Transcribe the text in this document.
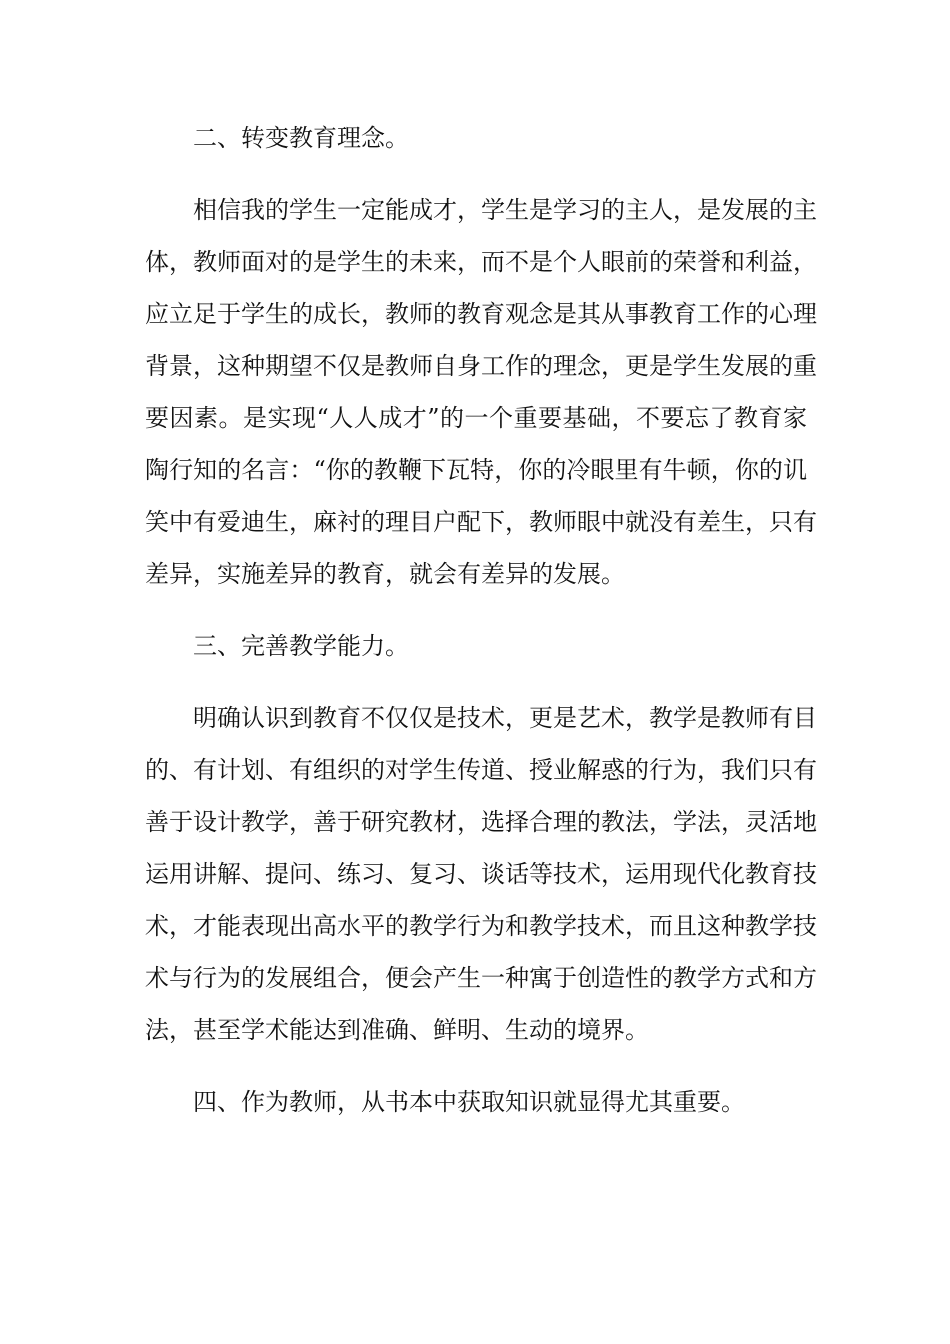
二、转变教育理念。

相信我的学生一定能成才，学生是学习的主人，是发展的主
体，教师面对的是学生的未来，而不是个人眼前的荣誉和利益，
应立足于学生的成长，教师的教育观念是其从事教育工作的心理
背景，这种期望不仅是教师自身工作的理念，更是学生发展的重
要因素。是实现“人人成才”的一个重要基础，不要忘了教育家
陶行知的名言：“你的教鞭下瓦特，你的冷眼里有牛顿，你的讥
笑中有爱迪生，麻衬的理目户配下，教师眼中就没有差生，只有
差异，实施差异的教育，就会有差异的发展。

三、完善教学能力。

明确认识到教育不仅仅是技术，更是艺术，教学是教师有目
的、有计划、有组织的对学生传道、授业解惑的行为，我们只有
善于设计教学，善于研究教材，选择合理的教法，学法，灵活地
运用讲解、提问、练习、复习、谈话等技术，运用现代化教育技
术，才能表现出高水平的教学行为和教学技术，而且这种教学技
术与行为的发展组合，便会产生一种寓于创造性的教学方式和方
法，甚至学术能达到准确、鲜明、生动的境界。

四、作为教师，从书本中获取知识就显得尤其重要。
